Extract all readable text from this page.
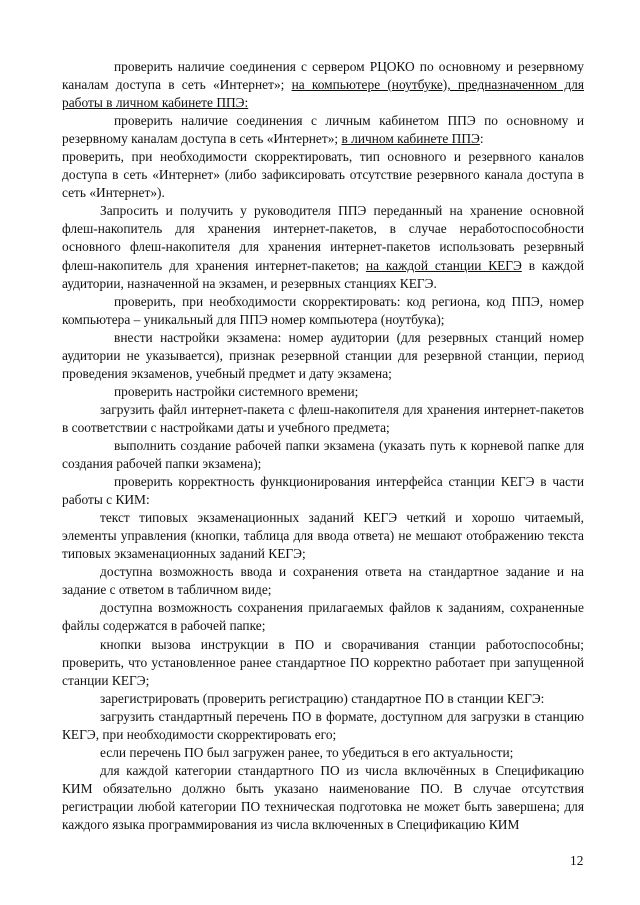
проверить наличие соединения с сервером РЦОКО по основному и резервному каналам доступа в сеть «Интернет»; на компьютере (ноутбуке), предназначенном для работы в личном кабинете ППЭ:

проверить наличие соединения с личным кабинетом ППЭ по основному и резервному каналам доступа в сеть «Интернет»; в личном кабинете ППЭ:

проверить, при необходимости скорректировать, тип основного и резервного каналов доступа в сеть «Интернет» (либо зафиксировать отсутствие резервного канала доступа в сеть «Интернет»).

Запросить и получить у руководителя ППЭ переданный на хранение основной флеш-накопитель для хранения интернет-пакетов, в случае неработоспособности основного флеш-накопителя для хранения интернет-пакетов использовать резервный флеш-накопитель для хранения интернет-пакетов; на каждой станции КЕГЭ в каждой аудитории, назначенной на экзамен, и резервных станциях КЕГЭ.

проверить, при необходимости скорректировать: код региона, код ППЭ, номер компьютера – уникальный для ППЭ номер компьютера (ноутбука);

внести настройки экзамена: номер аудитории (для резервных станций номер аудитории не указывается), признак резервной станции для резервной станции, период проведения экзаменов, учебный предмет и дату экзамена;

проверить настройки системного времени;

загрузить файл интернет-пакета с флеш-накопителя для хранения интернет-пакетов в соответствии с настройками даты и учебного предмета;

выполнить создание рабочей папки экзамена (указать путь к корневой папке для создания рабочей папки экзамена);

проверить корректность функционирования интерфейса станции КЕГЭ в части работы с КИМ:

текст типовых экзаменационных заданий КЕГЭ четкий и хорошо читаемый, элементы управления (кнопки, таблица для ввода ответа) не мешают отображению текста типовых экзаменационных заданий КЕГЭ;

доступна возможность ввода и сохранения ответа на стандартное задание и на задание с ответом в табличном виде;

доступна возможность сохранения прилагаемых файлов к заданиям, сохраненные файлы содержатся в рабочей папке;

кнопки вызова инструкции в ПО и сворачивания станции работоспособны; проверить, что установленное ранее стандартное ПО корректно работает при запущенной станции КЕГЭ;

зарегистрировать (проверить регистрацию) стандартное ПО в станции КЕГЭ:

загрузить стандартный перечень ПО в формате, доступном для загрузки в станцию КЕГЭ, при необходимости скорректировать его;

если перечень ПО был загружен ранее, то убедиться в его актуальности;

для каждой категории стандартного ПО из числа включённых в Спецификацию КИМ обязательно должно быть указано наименование ПО. В случае отсутствия регистрации любой категории ПО техническая подготовка не может быть завершена; для каждого языка программирования из числа включенных в Спецификацию КИМ

12
